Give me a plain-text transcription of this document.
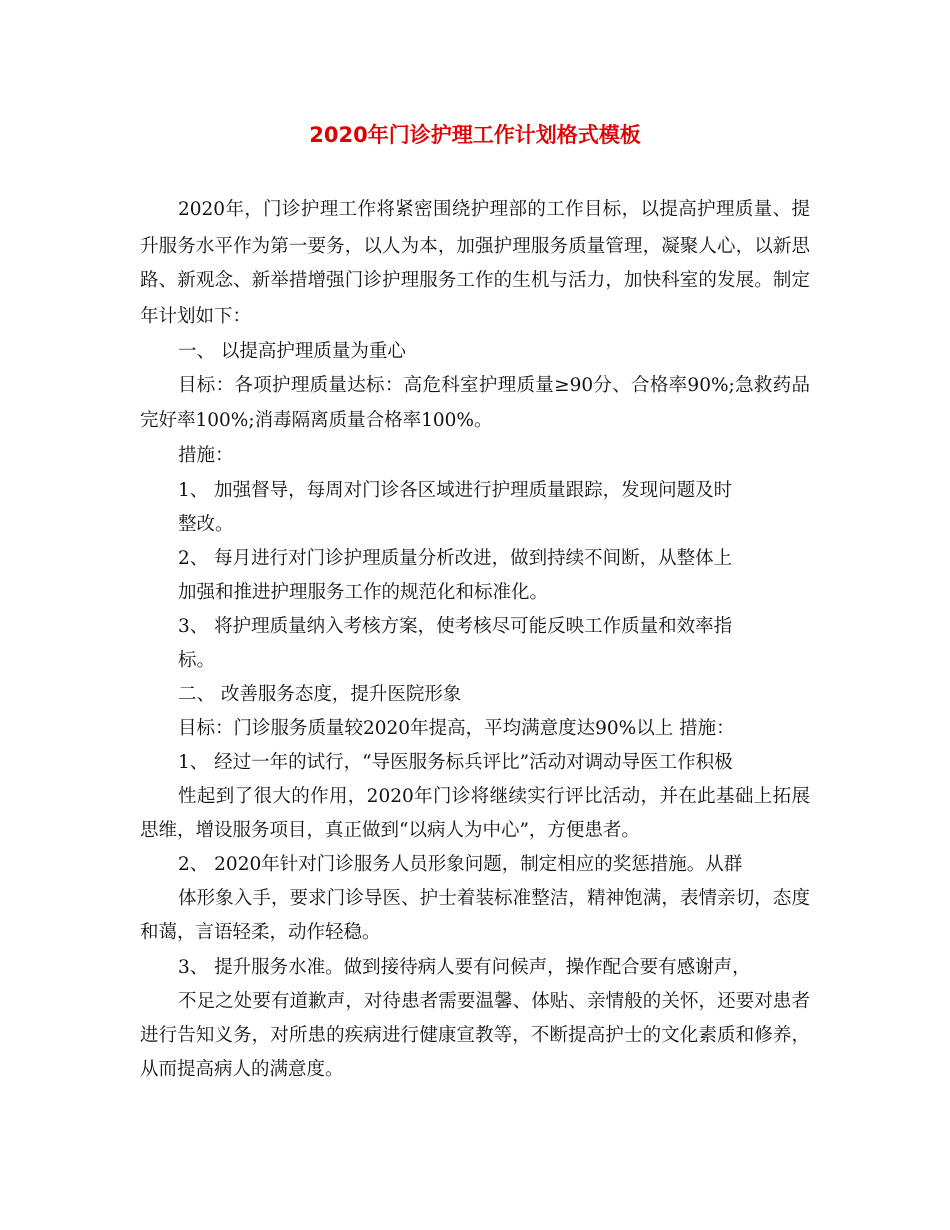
2020年门诊护理工作计划格式模板
2020年，门诊护理工作将紧密围绕护理部的工作目标，以提高护理质量、提
升服务水平作为第一要务，以人为本，加强护理服务质量管理，凝聚人心，以新思
路、新观念、新举措增强门诊护理服务工作的生机与活力，加快科室的发展。制定
年计划如下：
一、 以提高护理质量为重心
目标：各项护理质量达标：高危科室护理质量≥90分、合格率90%;急救药品
完好率100%;消毒隔离质量合格率100%。
措施：
1、 加强督导，每周对门诊各区域进行护理质量跟踪，发现问题及时
整改。
2、 每月进行对门诊护理质量分析改进，做到持续不间断，从整体上
加强和推进护理服务工作的规范化和标准化。
3、 将护理质量纳入考核方案，使考核尽可能反映工作质量和效率指
标。
二、 改善服务态度，提升医院形象
目标：门诊服务质量较2020年提高，平均满意度达90%以上 措施：
1、 经过一年的试行，“导医服务标兵评比”活动对调动导医工作积极
性起到了很大的作用，2020年门诊将继续实行评比活动，并在此基础上拓展
思维，增设服务项目，真正做到“以病人为中心”，方便患者。
2、 2020年针对门诊服务人员形象问题，制定相应的奖惩措施。从群
体形象入手，要求门诊导医、护士着装标准整洁，精神饱满，表情亲切，态度
和蔼，言语轻柔，动作轻稳。
3、 提升服务水准。做到接待病人要有问候声，操作配合要有感谢声，
不足之处要有道歉声，对待患者需要温馨、体贴、亲情般的关怀，还要对患者
进行告知义务，对所患的疾病进行健康宣教等，不断提高护士的文化素质和修养，
从而提高病人的满意度。
